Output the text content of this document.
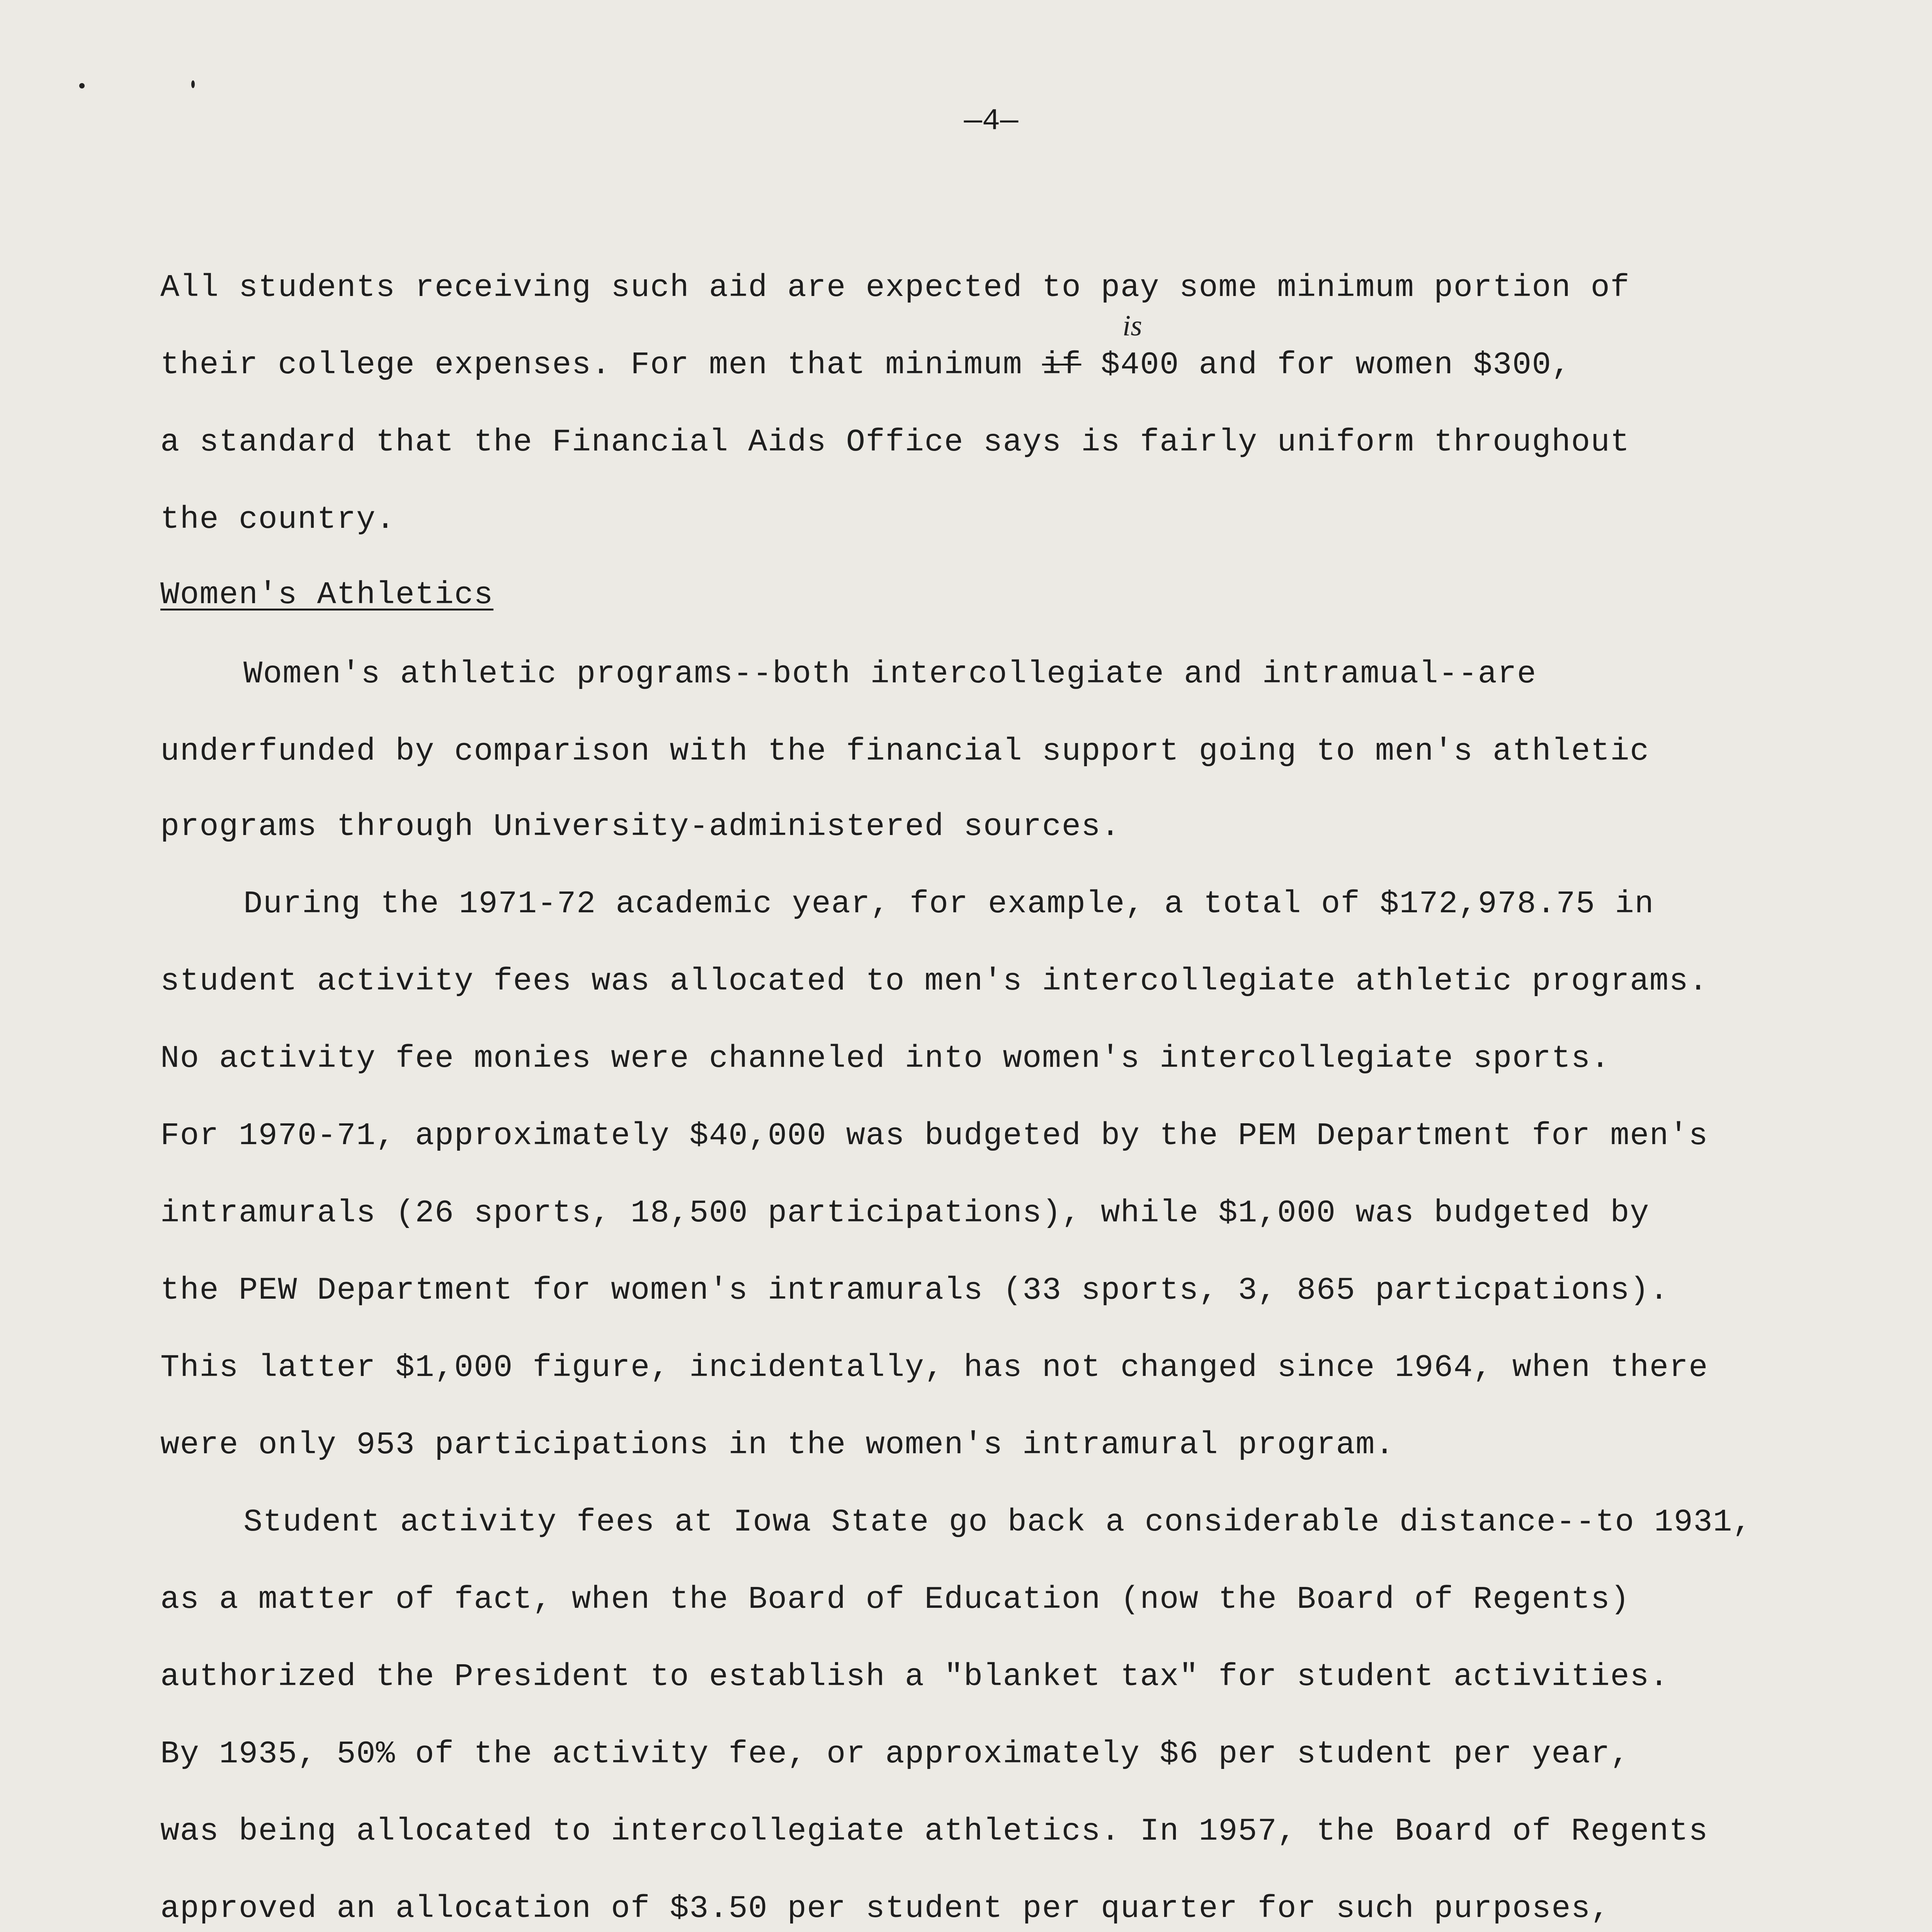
—4—

All students receiving such aid are expected to pay some minimum portion of

is

their college expenses. For men that minimum if $400 and for women $300,

a standard that the Financial Aids Office says is fairly uniform throughout

the country.

Women's Athletics

Women's athletic programs--both intercollegiate and intramual--are

underfunded by comparison with the financial support going to men's athletic

programs through University-administered sources.

During the 1971-72 academic year, for example, a total of $172,978.75 in

student activity fees was allocated to men's intercollegiate athletic programs.

No activity fee monies were channeled into women's intercollegiate sports.

For 1970-71, approximately $40,000 was budgeted by the PEM Department for men's

intramurals (26 sports, 18,500 participations), while $1,000 was budgeted by

the PEW Department for women's intramurals (33 sports, 3, 865 particpations).

This latter $1,000 figure, incidentally, has not changed since 1964, when there

were only 953 participations in the women's intramural program.

Student activity fees at Iowa State go back a considerable distance--to 1931,

as a matter of fact, when the Board of Education (now the Board of Regents)

authorized the President to establish a "blanket tax" for student activities.

By 1935, 50% of the activity fee, or approximately $6 per student per year,

was being allocated to intercollegiate athletics. In 1957, the Board of Regents

approved an allocation of $3.50 per student per quarter for such purposes,
